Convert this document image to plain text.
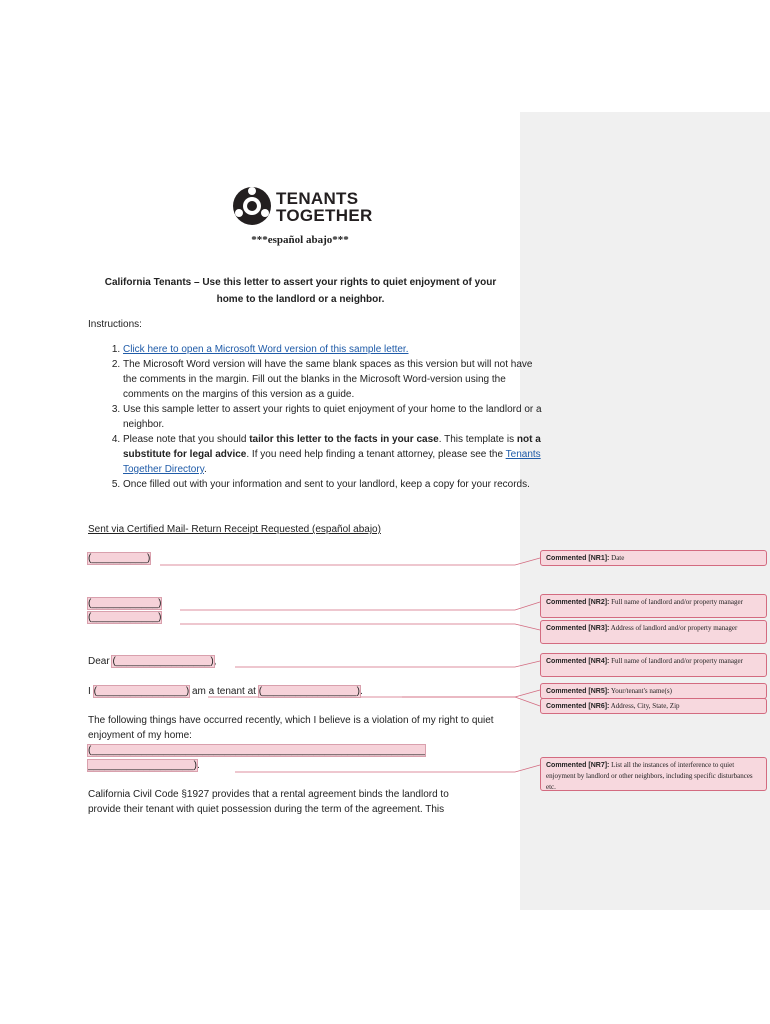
TENANTS
TOGETHER
***español abajo***
California Tenants – Use this letter to assert your rights to quiet enjoyment of your
home to the landlord or a neighbor.
Instructions:
1. Click here to open a Microsoft Word version of this sample letter.
2. The Microsoft Word version will have the same blank spaces as this version but will not have the comments in the margin. Fill out the blanks in the Microsoft Word-version using the comments on the margins of this version as a guide.
3. Use this sample letter to assert your rights to quiet enjoyment of your home to the landlord or a neighbor.
4. Please note that you should tailor this letter to the facts in your case. This template is not a substitute for legal advice. If you need help finding a tenant attorney, please see the Tenants Together Directory.
5. Once filled out with your information and sent to your landlord, keep a copy for your records.
Sent via Certified Mail- Return Receipt Requested (español abajo)
(__________)
(____________)
(____________)
Dear (_________________),
I (________________) am a tenant at (_________________).
The following things have occurred recently, which I believe is a violation of my right to quiet enjoyment of my home:
(____________________________________________________________
___________________).
California Civil Code §1927 provides that a rental agreement binds the landlord to
provide their tenant with quiet possession during the term of the agreement. This
Commented [NR1]: Date
Commented [NR2]: Full name of landlord and/or property manager
Commented [NR3]: Address of landlord and/or property manager
Commented [NR4]: Full name of landlord and/or property manager
Commented [NR5]: Your/tenant's name(s)
Commented [NR6]: Address, City, State, Zip
Commented [NR7]: List all the instances of interference to quiet enjoyment by landlord or other neighbors, including specific disturbances etc.
